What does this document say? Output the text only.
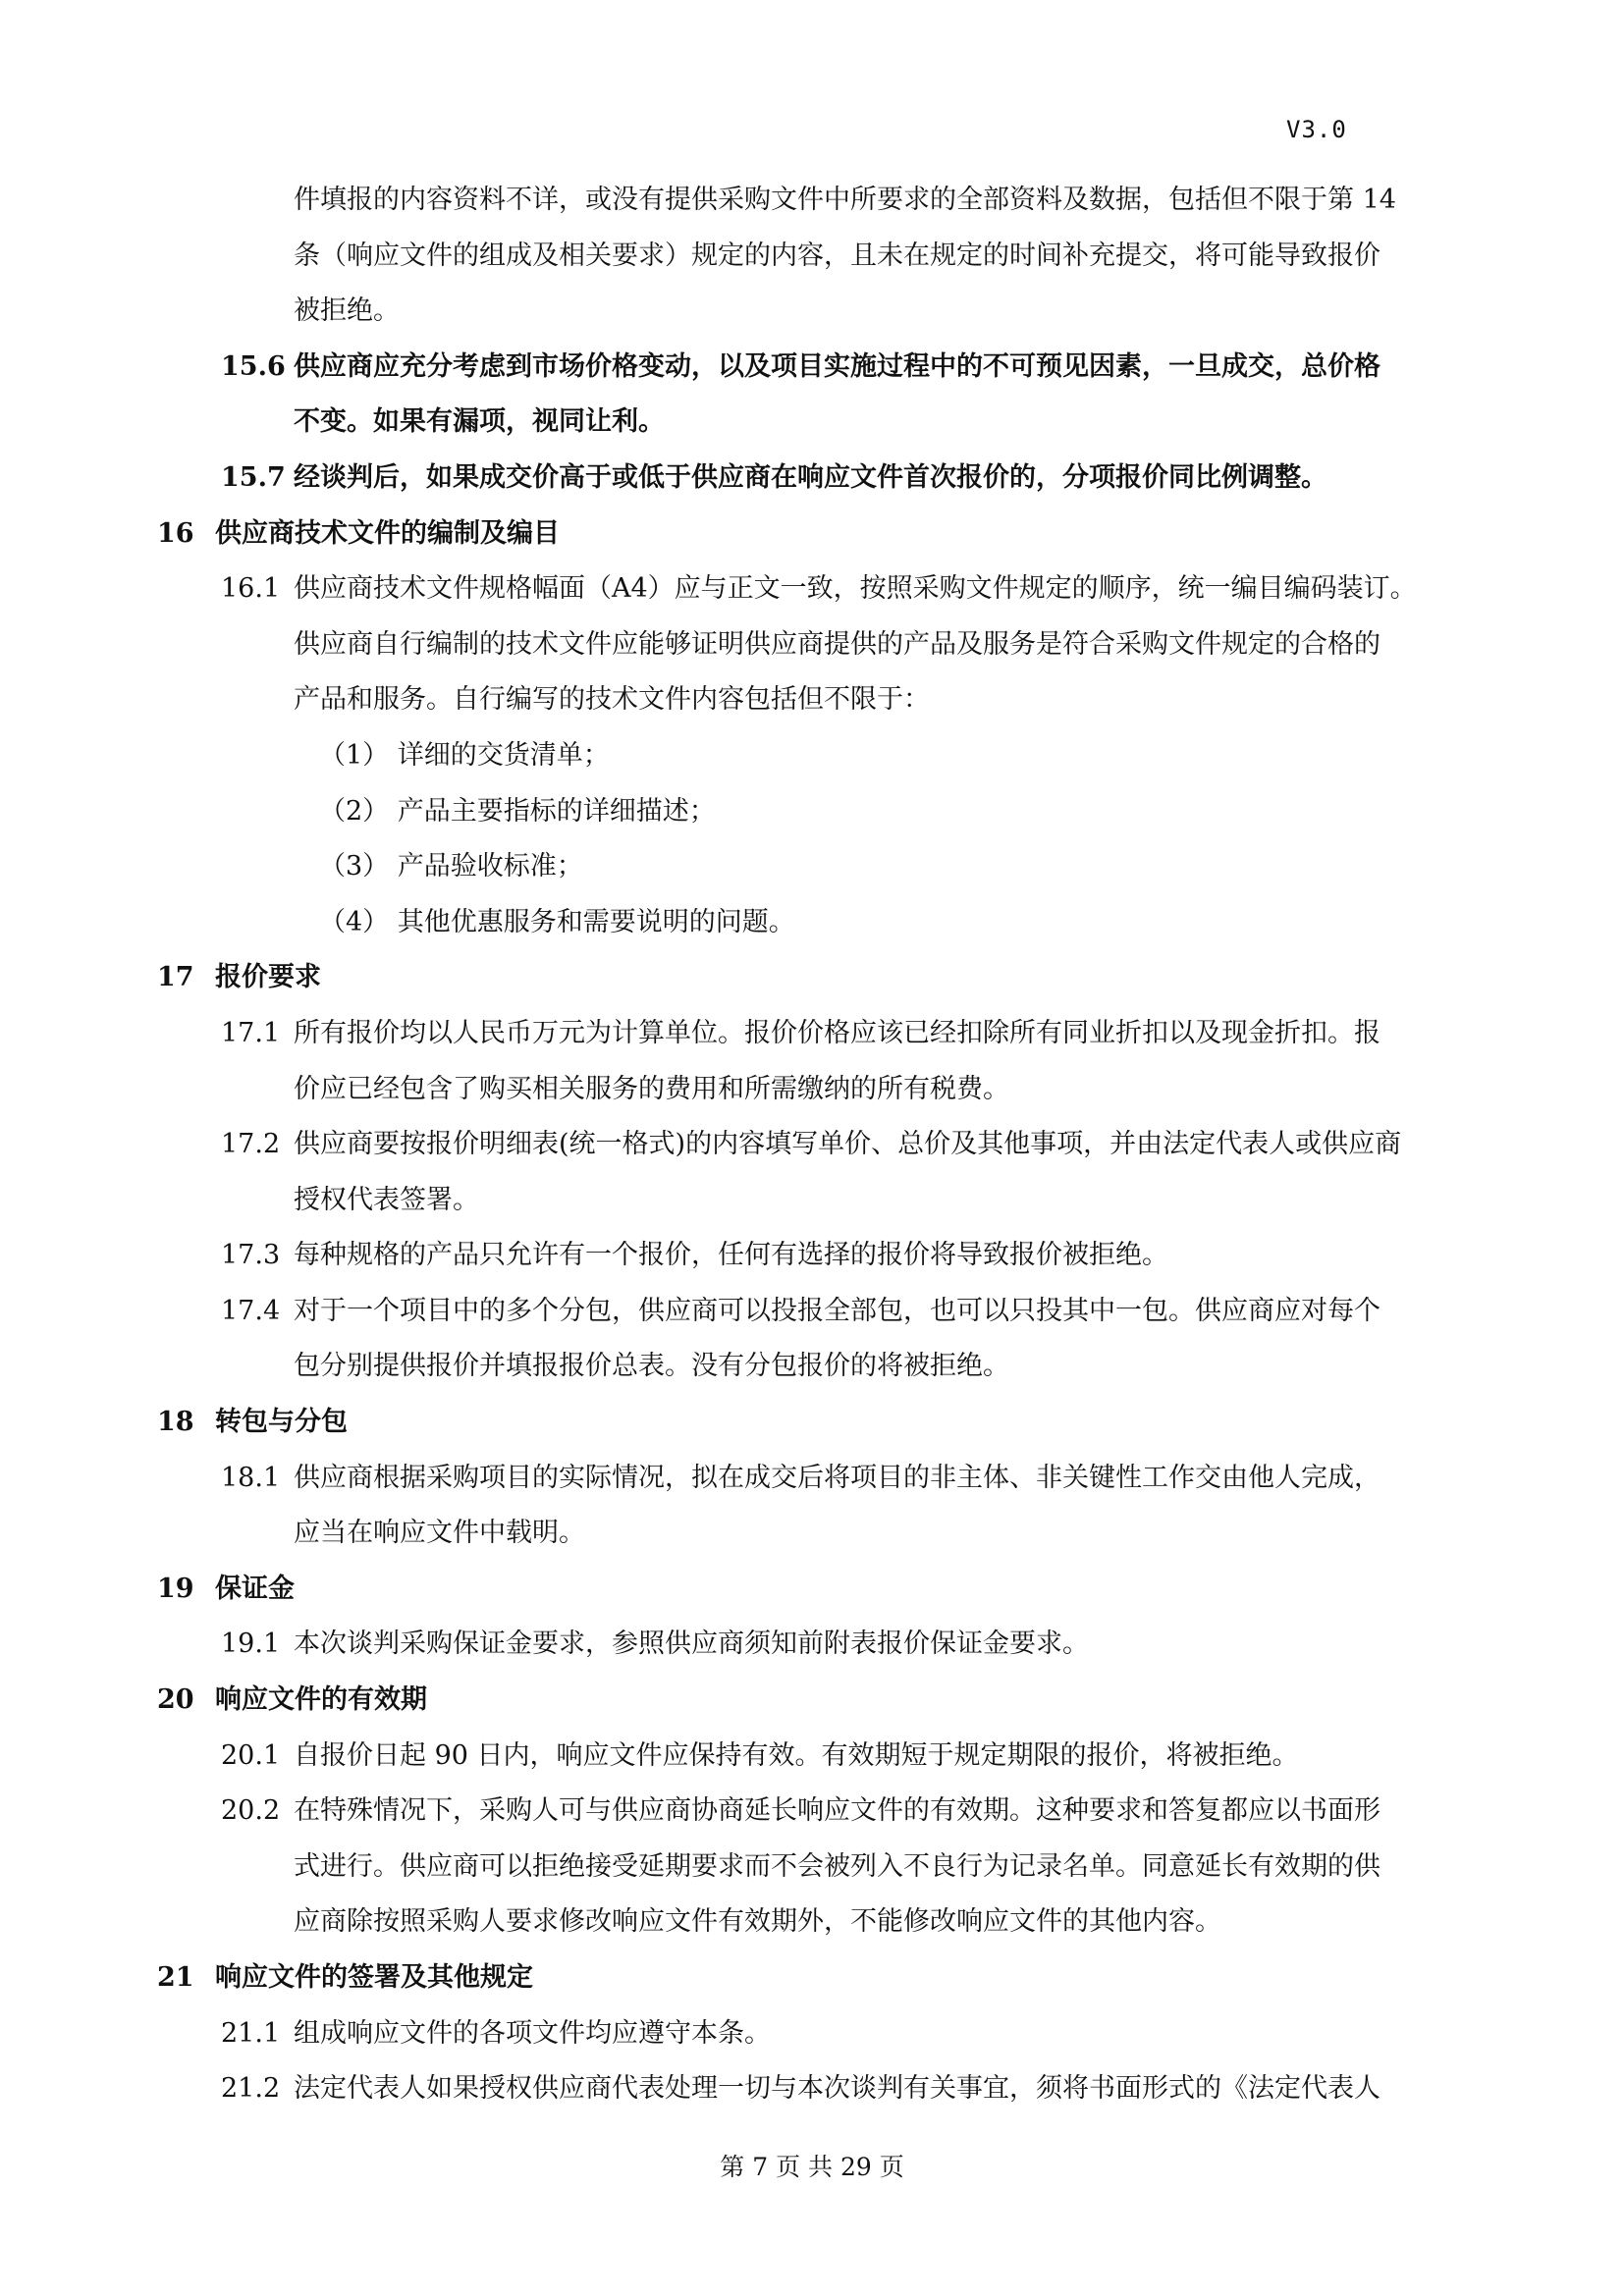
V3.0
件填报的内容资料不详，或没有提供采购文件中所要求的全部资料及数据，包括但不限于第 14
条（响应文件的组成及相关要求）规定的内容，且未在规定的时间补充提交，将可能导致报价
被拒绝。
15.6 供应商应充分考虑到市场价格变动，以及项目实施过程中的不可预见因素，一旦成交，总价格
不变。如果有漏项，视同让利。
15.7 经谈判后，如果成交价高于或低于供应商在响应文件首次报价的，分项报价同比例调整。
16 供应商技术文件的编制及编目
16.1 供应商技术文件规格幅面（A4）应与正文一致，按照采购文件规定的顺序，统一编目编码装订。
供应商自行编制的技术文件应能够证明供应商提供的产品及服务是符合采购文件规定的合格的
产品和服务。自行编写的技术文件内容包括但不限于：
（1） 详细的交货清单；
（2） 产品主要指标的详细描述；
（3） 产品验收标准；
（4） 其他优惠服务和需要说明的问题。
17 报价要求
17.1 所有报价均以人民币万元为计算单位。报价价格应该已经扣除所有同业折扣以及现金折扣。报
价应已经包含了购买相关服务的费用和所需缴纳的所有税费。
17.2 供应商要按报价明细表(统一格式)的内容填写单价、总价及其他事项，并由法定代表人或供应商
授权代表签署。
17.3 每种规格的产品只允许有一个报价，任何有选择的报价将导致报价被拒绝。
17.4 对于一个项目中的多个分包，供应商可以投报全部包，也可以只投其中一包。供应商应对每个
包分别提供报价并填报报价总表。没有分包报价的将被拒绝。
18 转包与分包
18.1 供应商根据采购项目的实际情况，拟在成交后将项目的非主体、非关键性工作交由他人完成，
应当在响应文件中载明。
19 保证金
19.1 本次谈判采购保证金要求，参照供应商须知前附表报价保证金要求。
20 响应文件的有效期
20.1 自报价日起 90 日内，响应文件应保持有效。有效期短于规定期限的报价，将被拒绝。
20.2 在特殊情况下，采购人可与供应商协商延长响应文件的有效期。这种要求和答复都应以书面形
式进行。供应商可以拒绝接受延期要求而不会被列入不良行为记录名单。同意延长有效期的供
应商除按照采购人要求修改响应文件有效期外，不能修改响应文件的其他内容。
21 响应文件的签署及其他规定
21.1 组成响应文件的各项文件均应遵守本条。
21.2 法定代表人如果授权供应商代表处理一切与本次谈判有关事宜，须将书面形式的《法定代表人
第 7 页 共 29 页
